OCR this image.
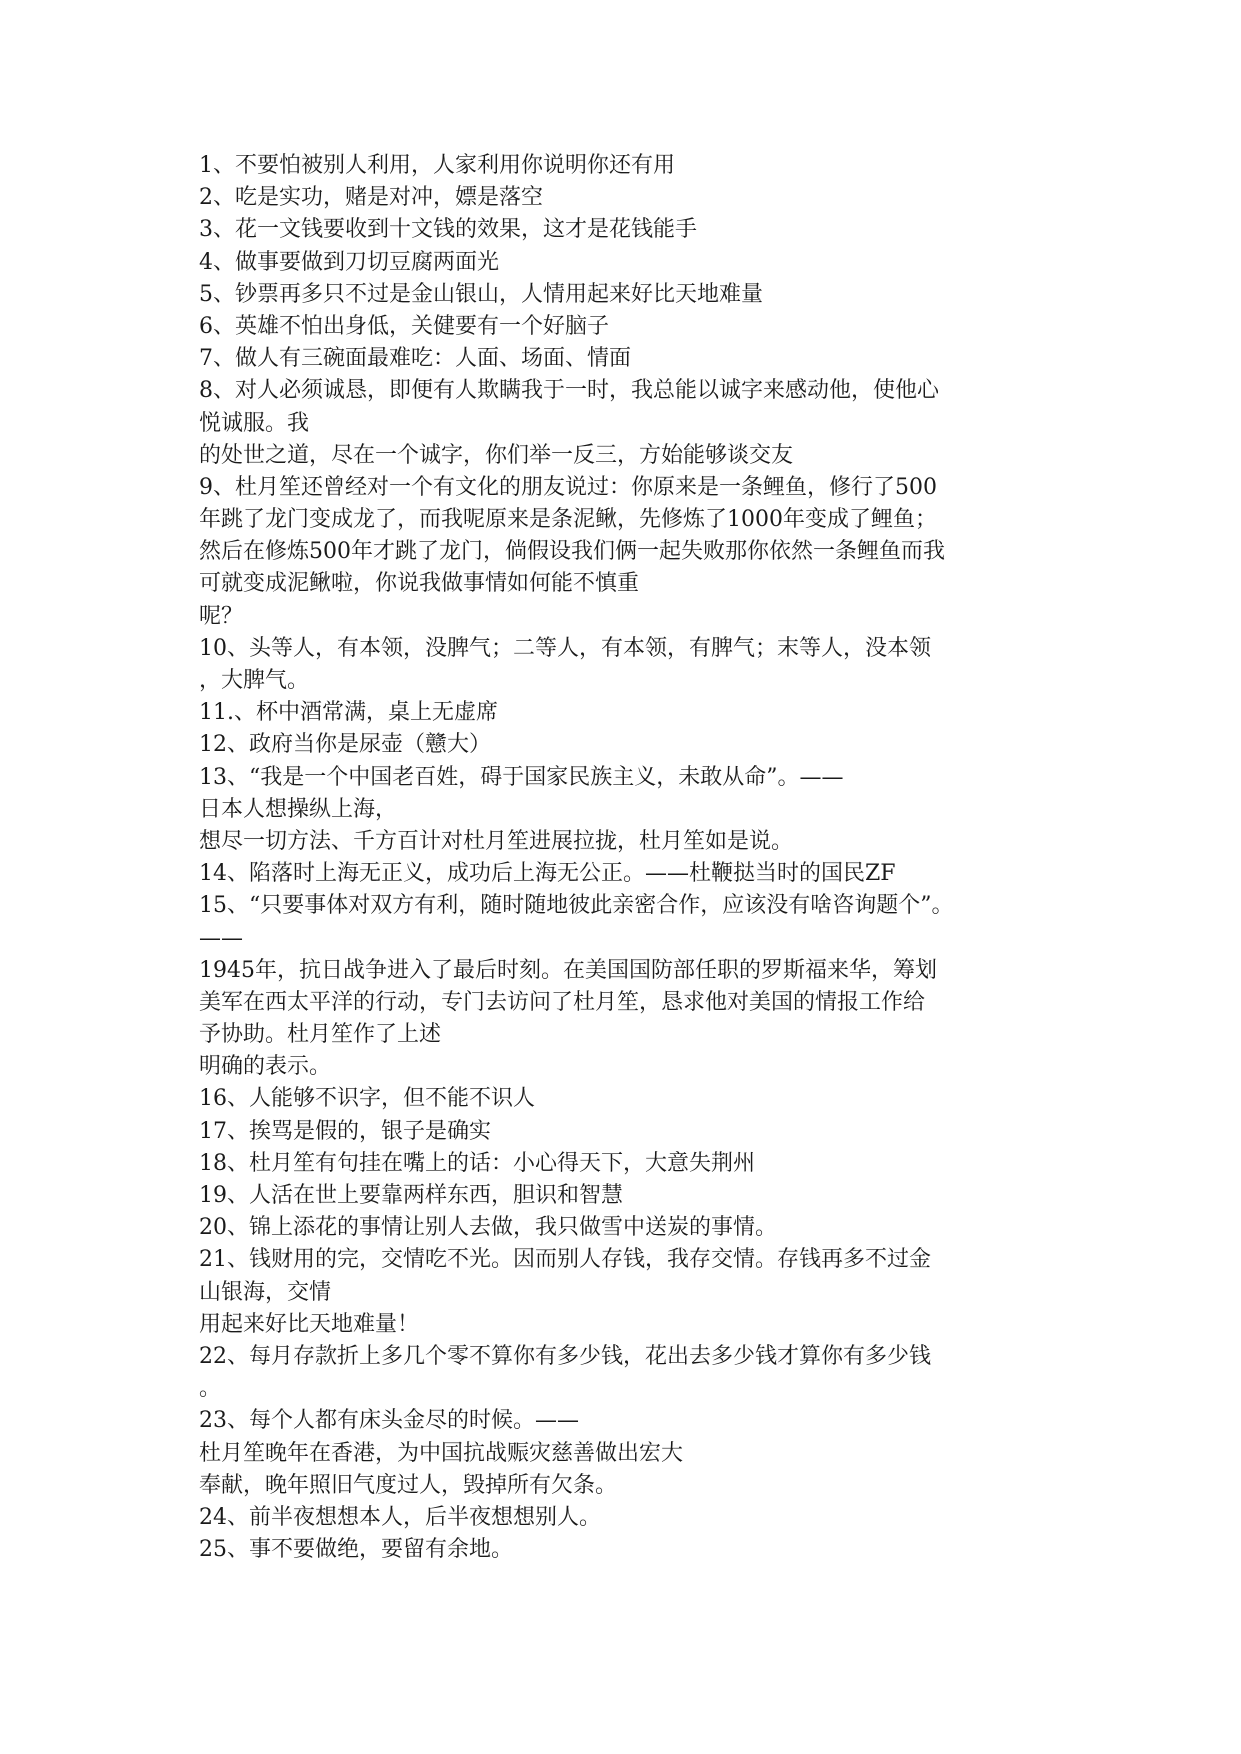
1、不要怕被别人利用，人家利用你说明你还有用
2、吃是实功，赌是对冲，嫖是落空
3、花一文钱要收到十文钱的效果，这才是花钱能手
4、做事要做到刀切豆腐两面光
5、钞票再多只不过是金山银山，人情用起来好比天地难量
6、英雄不怕出身低，关健要有一个好脑子
7、做人有三碗面最难吃：人面、场面、情面
8、对人必须诚恳，即便有人欺瞒我于一时，我总能以诚字来感动他，使他心
悦诚服。我
的处世之道，尽在一个诚字，你们举一反三，方始能够谈交友
9、杜月笙还曾经对一个有文化的朋友说过：你原来是一条鲤鱼，修行了500
年跳了龙门变成龙了，而我呢原来是条泥鳅，先修炼了1000年变成了鲤鱼；
然后在修炼500年才跳了龙门，倘假设我们俩一起失败那你依然一条鲤鱼而我
可就变成泥鳅啦，你说我做事情如何能不慎重
呢？
10、头等人，有本领，没脾气；二等人，有本领，有脾气；末等人，没本领
，大脾气。
11.、杯中酒常满，桌上无虚席
12、政府当你是尿壶（戆大）
13、“我是一个中国老百姓，碍于国家民族主义，未敢从命”。——
日本人想操纵上海，
想尽一切方法、千方百计对杜月笙进展拉拢，杜月笙如是说。
14、陷落时上海无正义，成功后上海无公正。——杜鞭挞当时的国民ZF
15、“只要事体对双方有利，随时随地彼此亲密合作，应该没有啥咨询题个”。
——
1945年，抗日战争进入了最后时刻。在美国国防部任职的罗斯福来华，筹划
美军在西太平洋的行动，专门去访问了杜月笙，恳求他对美国的情报工作给
予协助。杜月笙作了上述
明确的表示。
16、人能够不识字，但不能不识人
17、挨骂是假的，银子是确实
18、杜月笙有句挂在嘴上的话：小心得天下，大意失荆州
19、人活在世上要靠两样东西，胆识和智慧
20、锦上添花的事情让别人去做，我只做雪中送炭的事情。
21、钱财用的完，交情吃不光。因而别人存钱，我存交情。存钱再多不过金
山银海，交情
用起来好比天地难量！
22、每月存款折上多几个零不算你有多少钱，花出去多少钱才算你有多少钱
。
23、每个人都有床头金尽的时候。——
杜月笙晚年在香港，为中国抗战赈灾慈善做出宏大
奉献，晚年照旧气度过人，毁掉所有欠条。
24、前半夜想想本人，后半夜想想别人。
25、事不要做绝，要留有余地。
